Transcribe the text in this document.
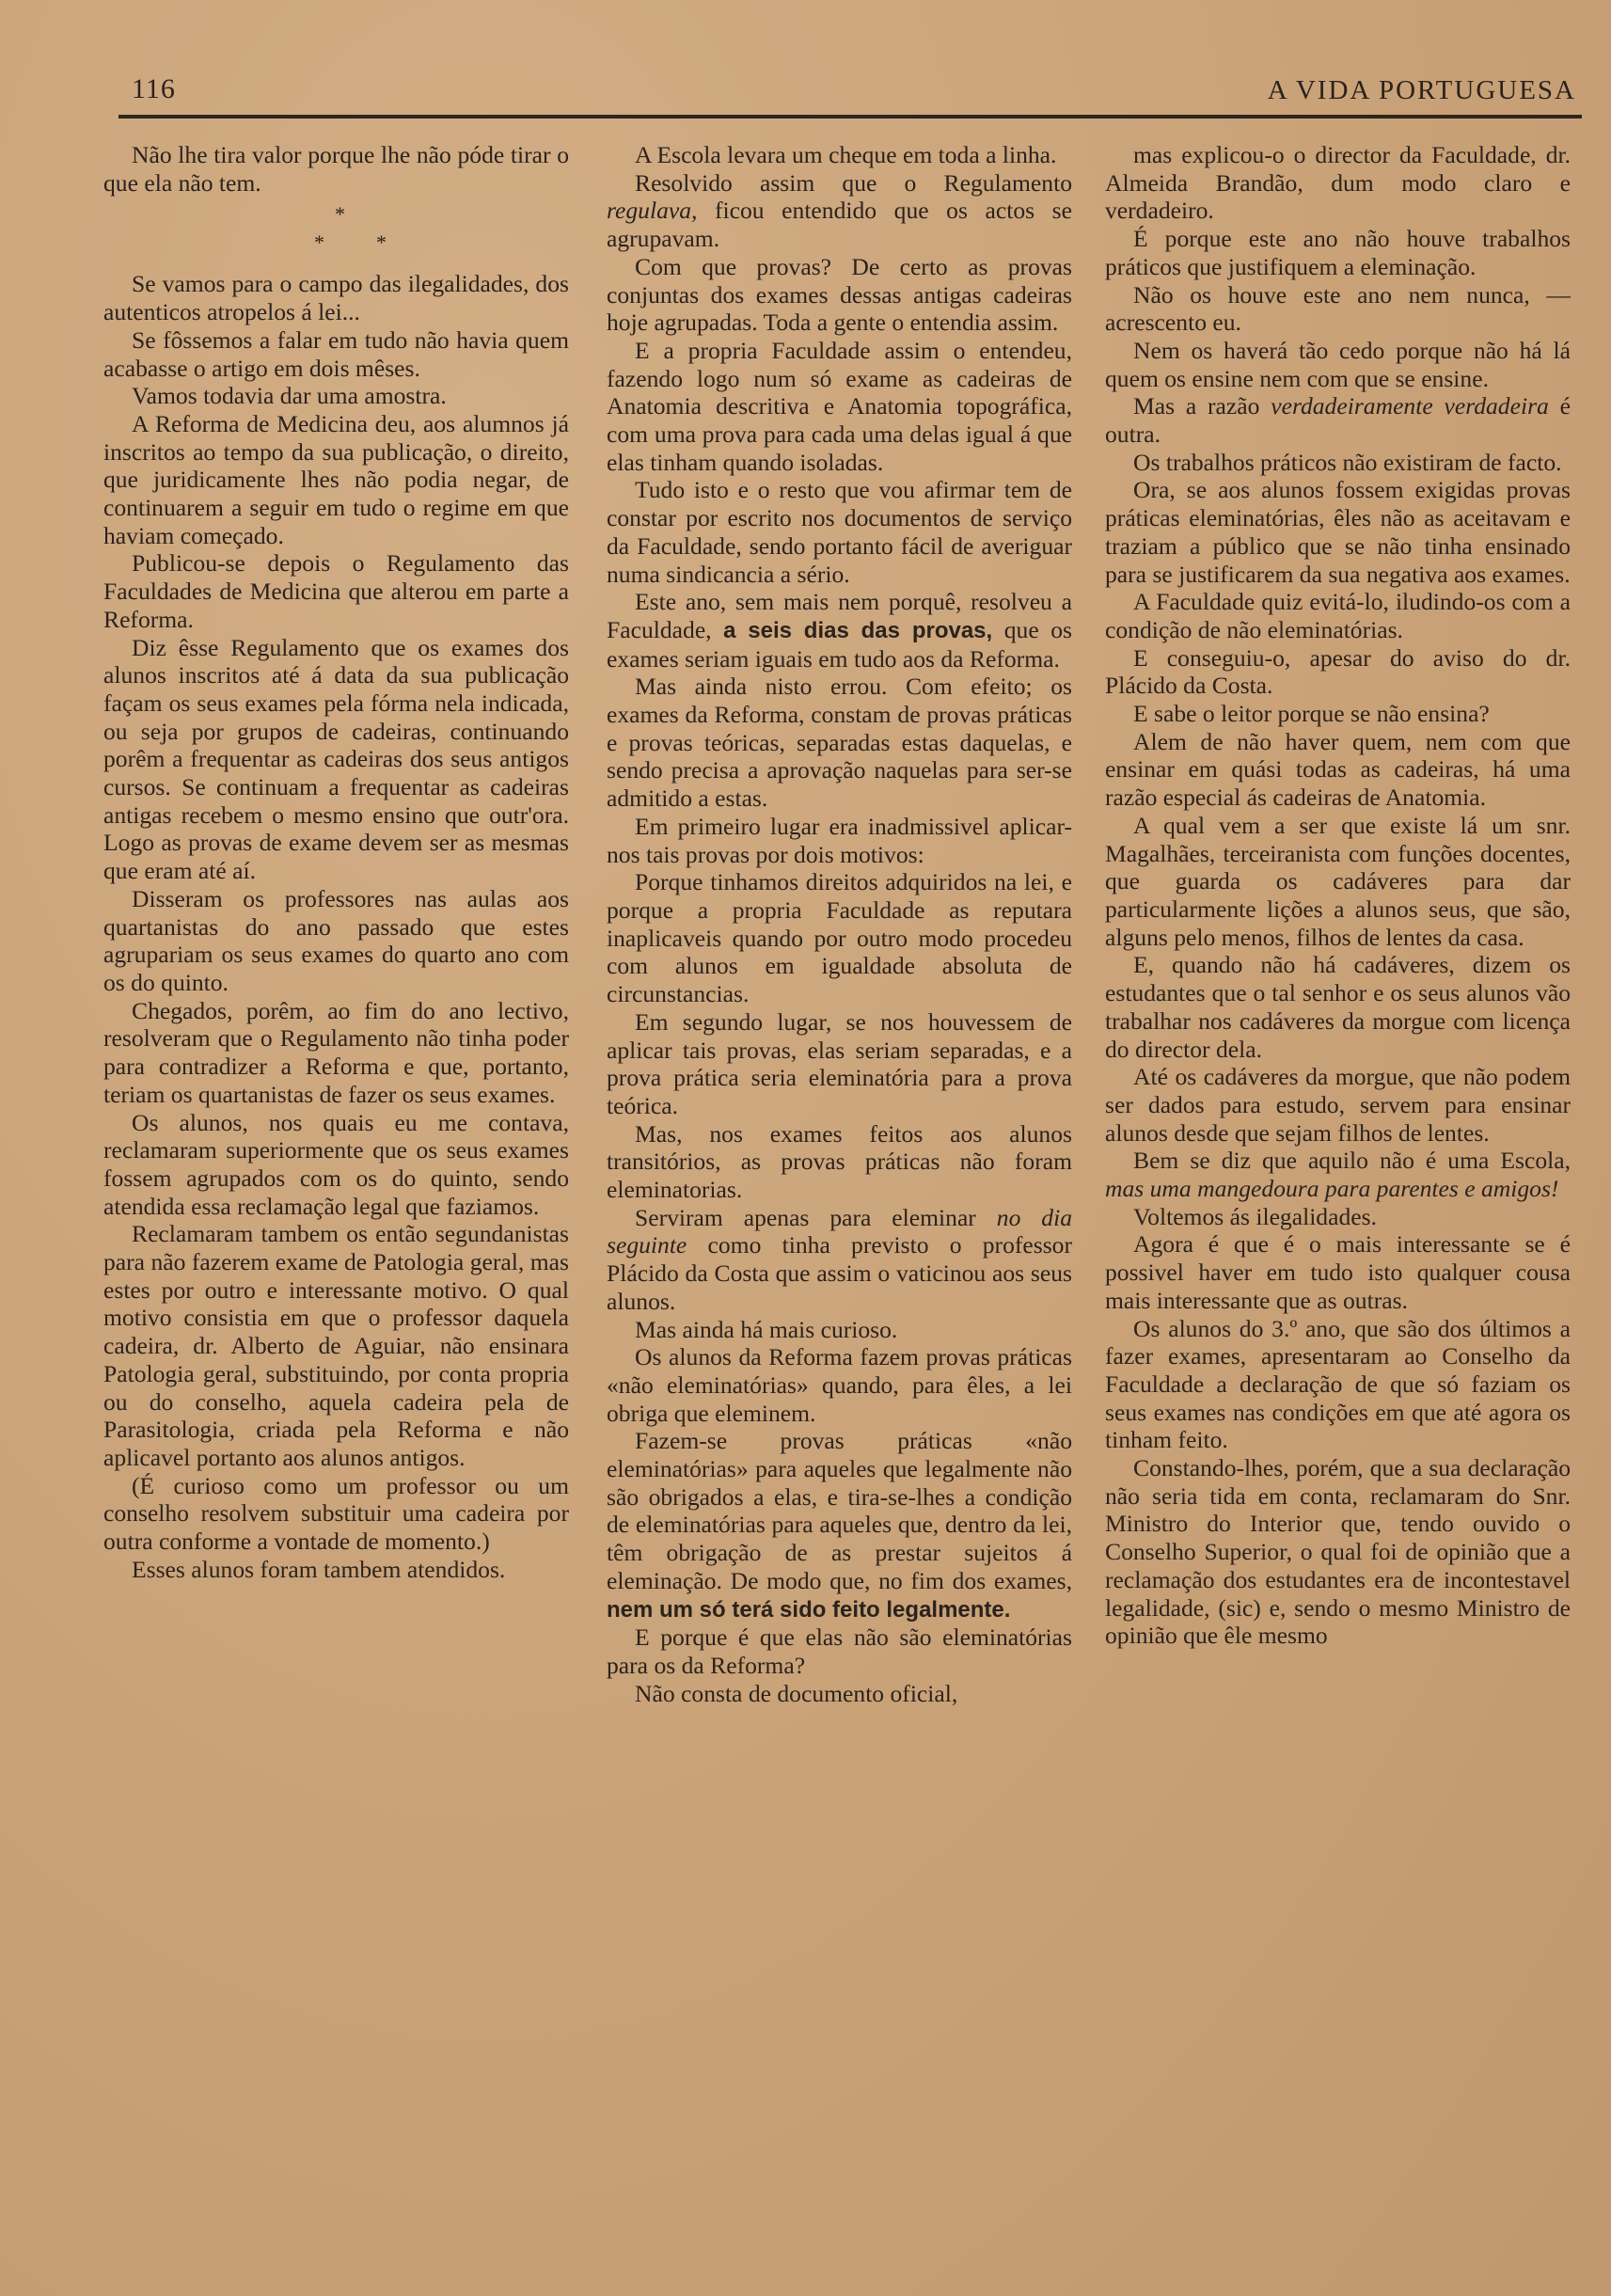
116	A VIDA PORTUGUESA

Não lhe tira valor porque lhe não póde tirar o que ela não tem.

*
*	*

Se vamos para o campo das ilegalidades, dos autenticos atropelos á lei...

Se fôssemos a falar em tudo não havia quem acabasse o artigo em dois mêses.

Vamos todavia dar uma amostra.

A Reforma de Medicina deu, aos alumnos já inscritos ao tempo da sua publicação, o direito, que juridicamente lhes não podia negar, de continuarem a seguir em tudo o regime em que haviam começado.

Publicou-se depois o Regulamento das Faculdades de Medicina que alterou em parte a Reforma.

Diz êsse Regulamento que os exames dos alunos inscritos até á data da sua publicação façam os seus exames pela fórma nela indicada, ou seja por grupos de cadeiras, continuando porêm a frequentar as cadeiras dos seus antigos cursos. Se continuam a frequentar as cadeiras antigas recebem o mesmo ensino que outr'ora. Logo as provas de exame devem ser as mesmas que eram até aí.

Disseram os professores nas aulas aos quartanistas do ano passado que estes agrupariam os seus exames do quarto ano com os do quinto.

Chegados, porêm, ao fim do ano lectivo, resolveram que o Regulamento não tinha poder para contradizer a Reforma e que, portanto, teriam os quartanistas de fazer os seus exames.

Os alunos, nos quais eu me contava, reclamaram superiormente que os seus exames fossem agrupados com os do quinto, sendo atendida essa reclamação legal que faziamos.

Reclamaram tambem os então segundanistas para não fazerem exame de Patologia geral, mas estes por outro e interessante motivo. O qual motivo consistia em que o professor daquela cadeira, dr. Alberto de Aguiar, não ensinara Patologia geral, substituindo, por conta propria ou do conselho, aquela cadeira pela de Parasitologia, criada pela Reforma e não aplicavel portanto aos alunos antigos.

(É curioso como um professor ou um conselho resolvem substituir uma cadeira por outra conforme a vontade de momento.)

Esses alunos foram tambem atendidos.

A Escola levara um cheque em toda a linha.

Resolvido assim que o Regulamento regulava, ficou entendido que os actos se agrupavam.

Com que provas? De certo as provas conjuntas dos exames dessas antigas cadeiras hoje agrupadas. Toda a gente o entendia assim.

E a propria Faculdade assim o entendeu, fazendo logo num só exame as cadeiras de Anatomia descritiva e Anatomia topográfica, com uma prova para cada uma delas igual á que elas tinham quando isoladas.

Tudo isto e o resto que vou afirmar tem de constar por escrito nos documentos de serviço da Faculdade, sendo portanto fácil de averiguar numa sindicancia a sério.

Este ano, sem mais nem porquê, resolveu a Faculdade, a seis dias das provas, que os exames seriam iguais em tudo aos da Reforma.

Mas ainda nisto errou. Com efeito; os exames da Reforma, constam de provas práticas e provas teóricas, separadas estas daquelas, e sendo precisa a aprovação naquelas para ser-se admitido a estas.

Em primeiro lugar era inadmissivel aplicar-nos tais provas por dois motivos:

Porque tinhamos direitos adquiridos na lei, e porque a propria Faculdade as reputara inaplicaveis quando por outro modo procedeu com alunos em igualdade absoluta de circunstancias.

Em segundo lugar, se nos houvessem de aplicar tais provas, elas seriam separadas, e a prova prática seria eleminatória para a prova teórica.

Mas, nos exames feitos aos alunos transitórios, as provas práticas não foram eleminatorias.

Serviram apenas para eleminar no dia seguinte como tinha previsto o professor Plácido da Costa que assim o vaticinou aos seus alunos.

Mas ainda há mais curioso.

Os alunos da Reforma fazem provas práticas «não eleminatórias» quando, para êles, a lei obriga que eleminem.

Fazem-se provas práticas «não eleminatórias» para aqueles que legalmente não são obrigados a elas, e tira-se-lhes a condição de eleminatórias para aqueles que, dentro da lei, têm obrigação de as prestar sujeitos á eleminação. De modo que, no fim dos exames, nem um só terá sido feito legalmente.

E porque é que elas não são eleminatórias para os da Reforma?

Não consta de documento oficial,

mas explicou-o o director da Faculdade, dr. Almeida Brandão, dum modo claro e verdadeiro.

É porque este ano não houve trabalhos práticos que justifiquem a eleminação.

Não os houve este ano nem nunca, — acrescento eu.

Nem os haverá tão cedo porque não há lá quem os ensine nem com que se ensine.

Mas a razão verdadeiramente verdadeira é outra.

Os trabalhos práticos não existiram de facto.

Ora, se aos alunos fossem exigidas provas práticas eleminatórias, êles não as aceitavam e traziam a público que se não tinha ensinado para se justificarem da sua negativa aos exames.

A Faculdade quiz evitá-lo, iludindo-os com a condição de não eleminatórias.

E conseguiu-o, apesar do aviso do dr. Plácido da Costa.

E sabe o leitor porque se não ensina?

Alem de não haver quem, nem com que ensinar em quási todas as cadeiras, há uma razão especial ás cadeiras de Anatomia.

A qual vem a ser que existe lá um snr. Magalhães, terceiranista com funções docentes, que guarda os cadáveres para dar particularmente lições a alunos seus, que são, alguns pelo menos, filhos de lentes da casa.

E, quando não há cadáveres, dizem os estudantes que o tal senhor e os seus alunos vão trabalhar nos cadáveres da morgue com licença do director dela.

Até os cadáveres da morgue, que não podem ser dados para estudo, servem para ensinar alunos desde que sejam filhos de lentes.

Bem se diz que aquilo não é uma Escola, mas uma mangedoura para parentes e amigos!

Voltemos ás ilegalidades.

Agora é que é o mais interessante se é possivel haver em tudo isto qualquer cousa mais interessante que as outras.

Os alunos do 3.º ano, que são dos últimos a fazer exames, apresentaram ao Conselho da Faculdade a declaração de que só faziam os seus exames nas condições em que até agora os tinham feito.

Constando-lhes, porém, que a sua declaração não seria tida em conta, reclamaram do Snr. Ministro do Interior que, tendo ouvido o Conselho Superior, o qual foi de opinião que a reclamação dos estudantes era de incontestavel legalidade, (sic) e, sendo o mesmo Ministro de opinião que êle mesmo
